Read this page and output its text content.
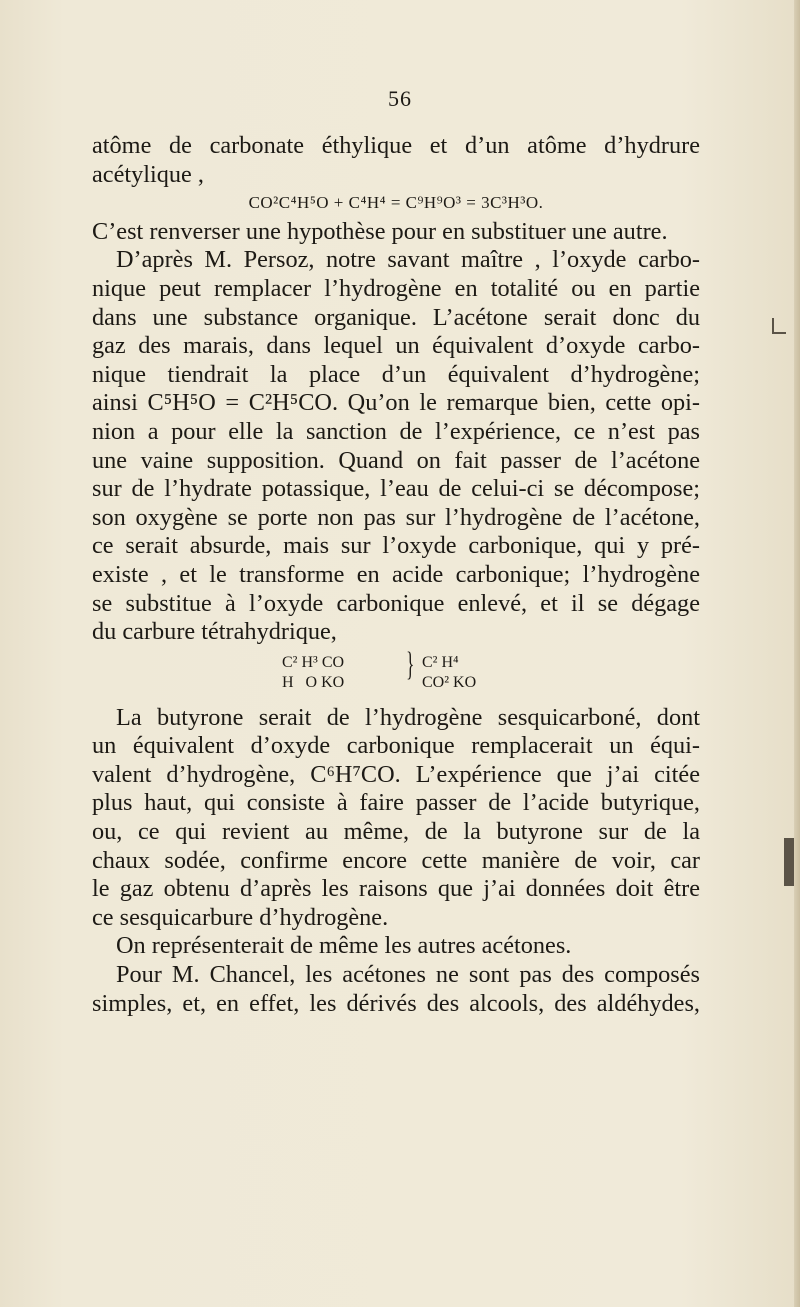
56
atôme de carbonate éthylique et d’un atôme d’hydrure
acétylique ,
CO²C⁴H⁵O + C⁴H⁴ = C⁹H⁹O³ = 3C³H³O.
C’est renverser une hypothèse pour en substituer une autre.
D’après M. Persoz, notre savant maître , l’oxyde carbo-
nique peut remplacer l’hydrogène en totalité ou en partie
dans une substance organique. L’acétone serait donc du
gaz des marais, dans lequel un équivalent d’oxyde carbo-
nique tiendrait la place d’un équivalent d’hydrogène;
ainsi C⁵H⁵O = C²H⁵CO. Qu’on le remarque bien, cette opi-
nion a pour elle la sanction de l’expérience, ce n’est pas
une vaine supposition. Quand on fait passer de l’acétone
sur de l’hydrate potassique, l’eau de celui-ci se décompose;
son oxygène se porte non pas sur l’hydrogène de l’acétone,
ce serait absurde, mais sur l’oxyde carbonique, qui y pré-
existe , et le transforme en acide carbonique; l’hydrogène
se substitue à l’oxyde carbonique enlevé, et il se dégage
du carbure tétrahydrique,
C² H³ CO
H   O KO } C² H⁴
CO² KO
La butyrone serait de l’hydrogène sesquicarboné, dont
un équivalent d’oxyde carbonique remplacerait un équi-
valent d’hydrogène, C⁶H⁷CO. L’expérience que j’ai citée
plus haut, qui consiste à faire passer de l’acide butyrique,
ou, ce qui revient au même, de la butyrone sur de la
chaux sodée, confirme encore cette manière de voir, car
le gaz obtenu d’après les raisons que j’ai données doit être
ce sesquicarbure d’hydrogène.
On représenterait de même les autres acétones.
Pour M. Chancel, les acétones ne sont pas des composés
simples, et, en effet, les dérivés des alcools, des aldéhydes,
